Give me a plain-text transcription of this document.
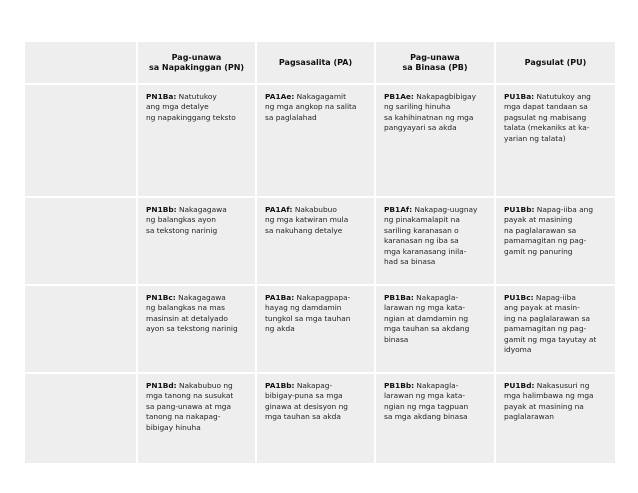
Pag-unawa
sa Napakinggan (PN)
Pagsasalita (PA)
Pag-unawa
sa Binasa (PB)
Pagsulat (PU)
PN1Ba: Natutukoy
ang mga detalye
ng napakinggang teksto
PA1Ae: Nakagagamit
ng mga angkop na salita
sa paglalahad
PB1Ae: Nakapagbibigay
ng sariling hinuha
sa kahihinatnan ng mga
pangyayari sa akda
PU1Ba: Natutukoy ang
mga dapat tandaan sa
pagsulat ng mabisang
talata (mekaniks at ka-
yarian ng talata)
PN1Bb: Nakagagawa
ng balangkas ayon
sa tekstong narinig
PA1Af: Nakabubuo
ng mga katwiran mula
sa nakuhang detalye
PB1Af: Nakapag-uugnay
ng pinakamalapit na
sariling karanasan o
karanasan ng iba sa
mga karanasang inila-
had sa binasa
PU1Bb: Napag-iiba ang
payak at masining
na paglalarawan sa
pamamagitan ng pag-
gamit ng panuring
PN1Bc: Nakagagawa
ng balangkas na mas
masinsin at detalyado
ayon sa tekstong narinig
PA1Ba: Nakapagpapa-
hayag ng damdamin
tungkol sa mga tauhan
ng akda
PB1Ba: Nakapagla-
larawan ng mga kata-
ngian at damdamin ng
mga tauhan sa akdang
binasa
PU1Bc: Napag-iiba
ang payak at masin-
ing na paglalarawan sa
pamamagitan ng pag-
gamit ng mga tayutay at
idyoma
PN1Bd: Nakabubuo ng
mga tanong na susukat
sa pang-unawa at mga
tanong na nakapag-
bibigay hinuha
PA1Bb: Nakapag-
bibigay-puna sa mga
ginawa at desisyon ng
mga tauhan sa akda
PB1Bb: Nakapagla-
larawan ng mga kata-
ngian ng mga tagpuan
sa mga akdang binasa
PU1Bd: Nakasusuri ng
mga halimbawa ng mga
payak at masining na
paglalarawan
